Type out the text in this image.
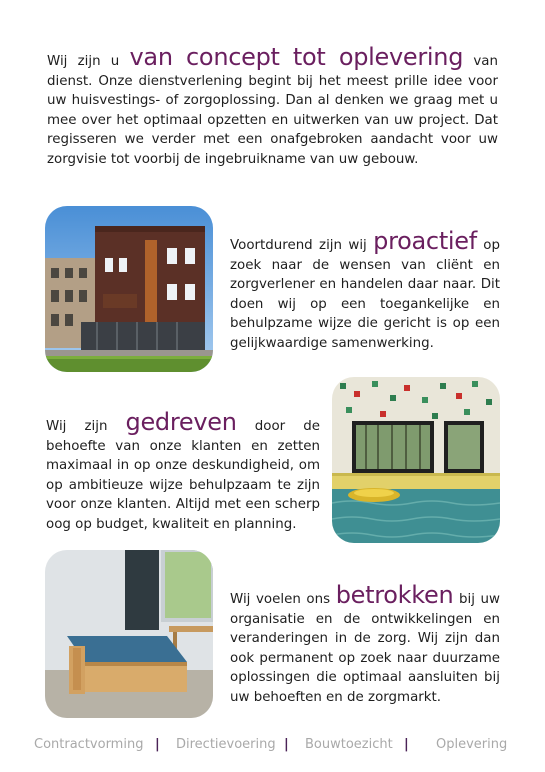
Wij zijn u van concept tot oplevering van dienst. Onze dienstverlening begint bij het meest prille idee voor uw huisvestings- of zorgoplossing. Dan al denken we graag met u mee over het optimaal opzetten en uitwerken van uw project. Dat regisseren we verder met een onafgebroken aandacht voor uw zorgvisie tot voorbij de ingebruikname van uw gebouw.
Voortdurend zijn wij proactief op zoek naar de wensen van cliënt en zorgverlener en handelen daar naar. Dit doen wij op een toegankelijke en behulpzame wijze die gericht is op een gelijkwaardige samenwerking.
Wij zijn gedreven door de behoefte van onze klanten en zetten maximaal in op onze deskundigheid, om op ambitieuze wijze behulpzaam te zijn voor onze klanten. Altijd met een scherp oog op budget, kwaliteit en planning.
Wij voelen ons betrokken bij uw organisatie en de ontwikkelingen en veranderingen in de zorg. Wij zijn dan ook permanent op zoek naar duurzame oplossingen die optimaal aansluiten bij uw behoeften en de zorgmarkt.
Contractvorming | Directievoering | Bouwtoezicht | Oplevering
